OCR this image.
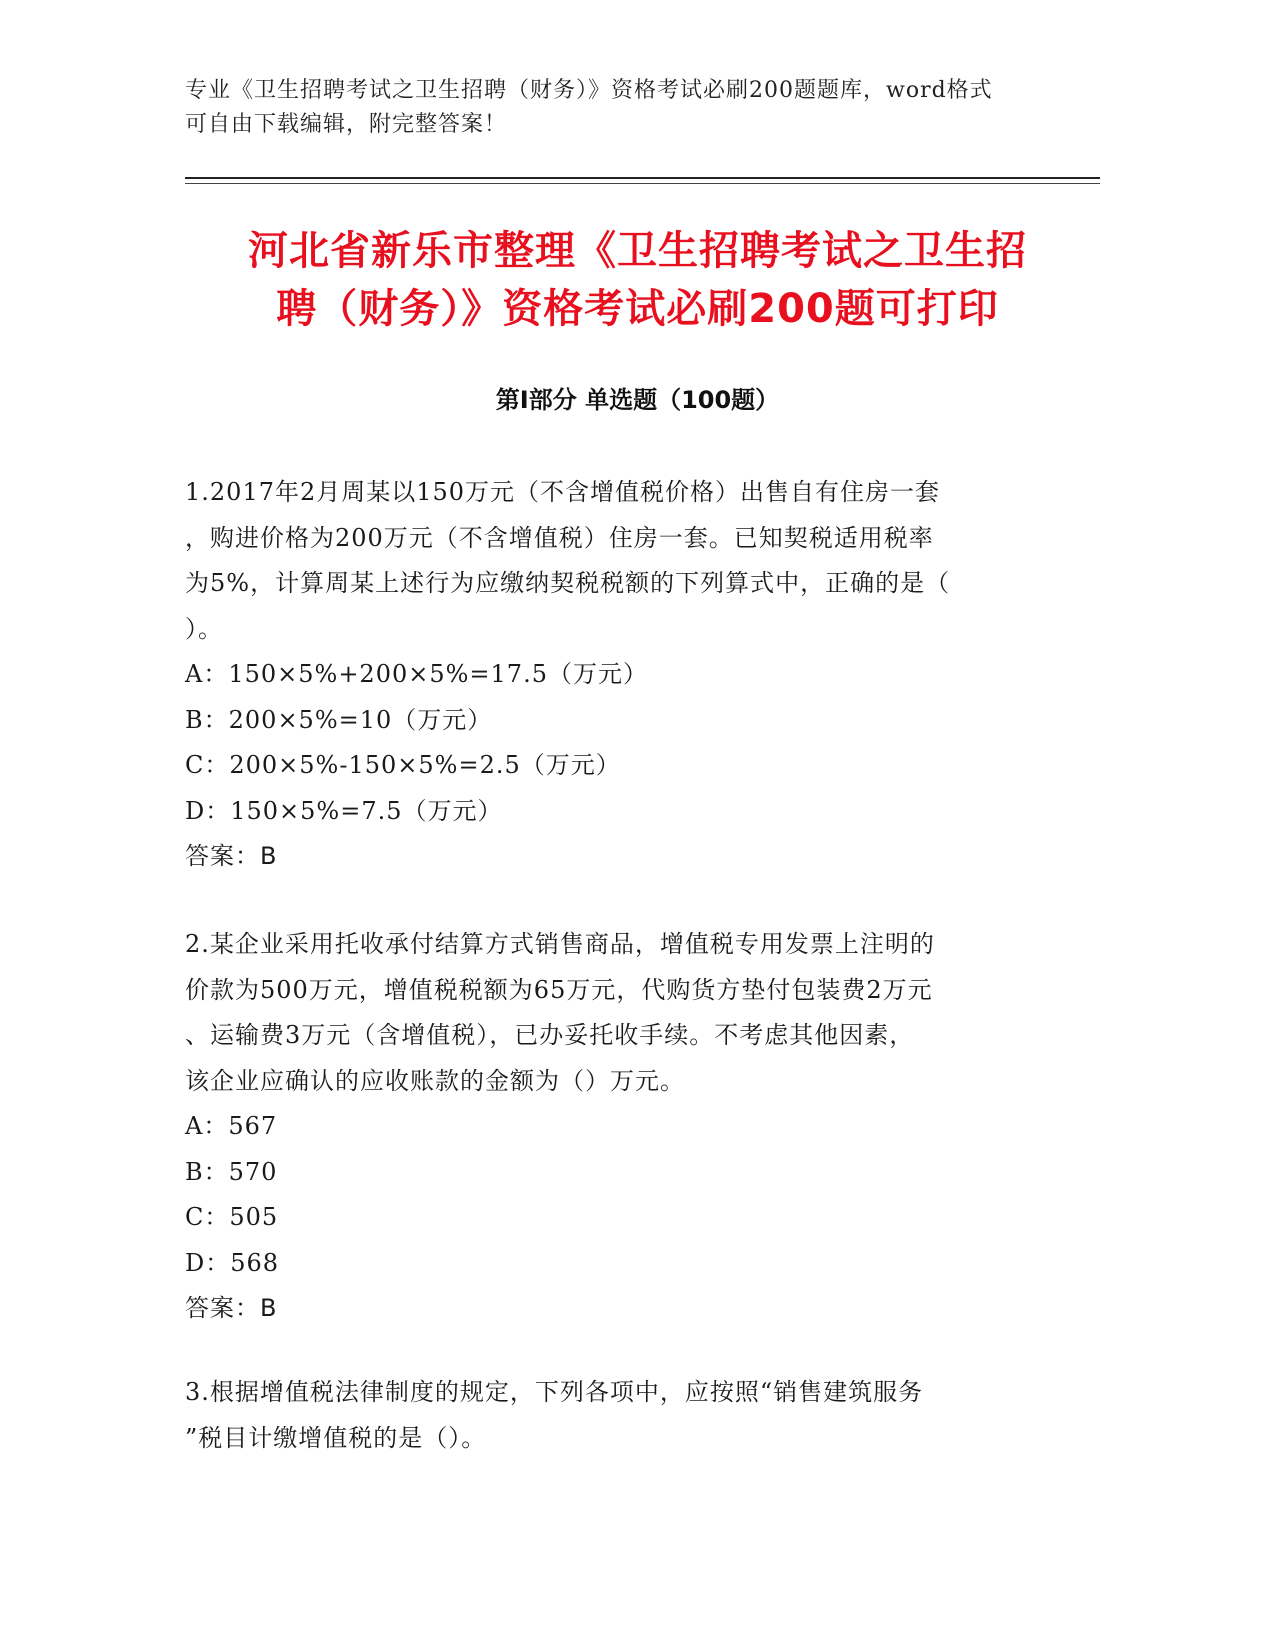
专业《卫生招聘考试之卫生招聘（财务）》资格考试必刷200题题库，word格式
可自由下载编辑，附完整答案！
河北省新乐市整理《卫生招聘考试之卫生招
聘（财务）》资格考试必刷200题可打印
第Ⅰ部分 单选题（100题）
1.2017年2月周某以150万元（不含增值税价格）出售自有住房一套
，购进价格为200万元（不含增值税）住房一套。已知契税适用税率
为5%，计算周某上述行为应缴纳契税税额的下列算式中，正确的是（
）。
A：150×5%+200×5%=17.5（万元）
B：200×5%=10（万元）
C：200×5%-150×5%=2.5（万元）
D：150×5%=7.5（万元）
答案：B
2.某企业采用托收承付结算方式销售商品，增值税专用发票上注明的
价款为500万元，增值税税额为65万元，代购货方垫付包装费2万元
、运输费3万元（含增值税），已办妥托收手续。不考虑其他因素，
该企业应确认的应收账款的金额为（）万元。
A：567
B：570
C：505
D：568
答案：B
3.根据增值税法律制度的规定，下列各项中，应按照“销售建筑服务
”税目计缴增值税的是（）。
